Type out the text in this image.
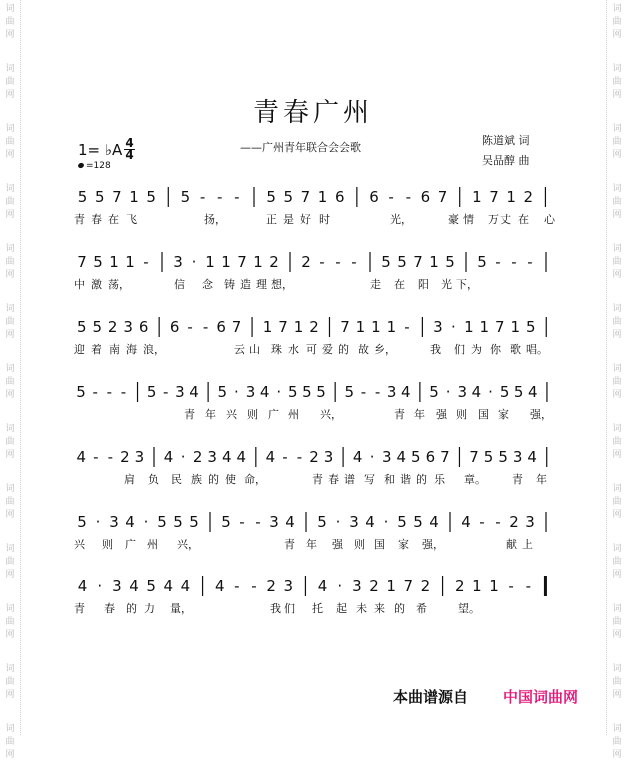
词
曲
网
词
曲
网
词
曲
网
词
曲
网
词
曲
网
词
曲
网
词
曲
网
词
曲
网
词
曲
网
词
曲
网
词
曲
网
词
曲
网
词
曲
网
词
曲
网
词
曲
网
词
曲
网
词
曲
网
词
曲
网
词
曲
网
词
曲
网
词
曲
网
词
曲
网
词
曲
网
词
曲
网
词
曲
网
词
曲
网
青春广州
——广州青年联合会会歌
陈道斌 词
吴品醇 曲
1= ♭A 4
4
=128
5 5 7 1 5 5 - - - 5 5 7 1 6 6 - - 6 7 1 7 1 2
青 春 在 飞	扬，	正 是 好 时	光，	豪 情 万 丈 在 心
7 5 1 1 - 3 · 1 1 7 1 2 2 - - - 5 5 7 1 5 5 - - -
中 激 荡，	信 念 铸 造 理 想，	走 在 阳 光 下，
5 5 2 3 6 6 - - 6 7 1 7 1 2 7 1 1 1 - 3 · 1 1 7 1 5
迎 着 南 海 浪，	云 山 珠 水 可 爱 的 故 乡，	我 们 为 你 歌 唱。
5 - - - 5 - 3 4 5 · 3 4 · 5 5 5 5 - - 3 4 5 · 3 4 · 5 5 4
青 年 兴 则 广 州 兴，	青 年 强 则 国 家 强，
4 - - 2 3 4 · 2 3 4 4 4 - - 2 3 4 · 3 4 5 6 7 7 5 5 3 4
肩 负 民 族 的 使 命，	青 春 谱 写 和 谐 的 乐 章。 青 年
5 · 3 4 · 5 5 5 5 - - 3 4 5 · 3 4 · 5 5 4 4 - - 2 3
兴 则 广 州 兴，	青 年 强 则 国 家 强，	献 上
4 · 3 4 5 4 4 4 - - 2 3 4 · 3 2 1 7 2 2 1 1 - -
青 春 的 力 量，	我 们 托 起 未 来 的 希	望。
本曲谱源自 中国词曲网
